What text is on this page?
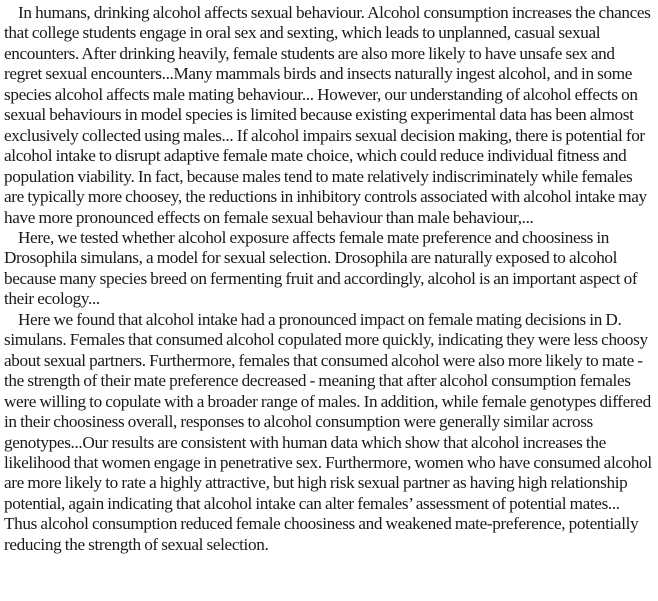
In humans, drinking alcohol affects sexual behaviour. Alcohol consumption increases the chances that college students engage in oral sex and sexting, which leads to unplanned, casual sexual encounters. After drinking heavily, female students are also more likely to have unsafe sex and regret sexual encounters...Many mammals birds and insects naturally ingest alcohol, and in some species alcohol affects male mating behaviour... However, our understanding of alcohol effects on sexual behaviours in model species is limited because existing experimental data has been almost exclusively collected using males... If alcohol impairs sexual decision making, there is potential for alcohol intake to disrupt adaptive female mate choice, which could reduce individual fitness and population viability. In fact, because males tend to mate relatively indiscriminately while females are typically more choosey, the reductions in inhibitory controls associated with alcohol intake may have more pronounced effects on female sexual behaviour than male behaviour,...

Here, we tested whether alcohol exposure affects female mate preference and choosiness in Drosophila simulans, a model for sexual selection. Drosophila are naturally exposed to alcohol because many species breed on fermenting fruit and accordingly, alcohol is an important aspect of their ecology...

Here we found that alcohol intake had a pronounced impact on female mating decisions in D. simulans. Females that consumed alcohol copulated more quickly, indicating they were less choosy about sexual partners. Furthermore, females that consumed alcohol were also more likely to mate - the strength of their mate preference decreased - meaning that after alcohol consumption females were willing to copulate with a broader range of males. In addition, while female genotypes differed in their choosiness overall, responses to alcohol consumption were generally similar across genotypes...Our results are consistent with human data which show that alcohol increases the likelihood that women engage in penetrative sex. Furthermore, women who have consumed alcohol are more likely to rate a highly attractive, but high risk sexual partner as having high relationship potential, again indicating that alcohol intake can alter females’ assessment of potential mates... Thus alcohol consumption reduced female choosiness and weakened mate-preference, potentially reducing the strength of sexual selection.
